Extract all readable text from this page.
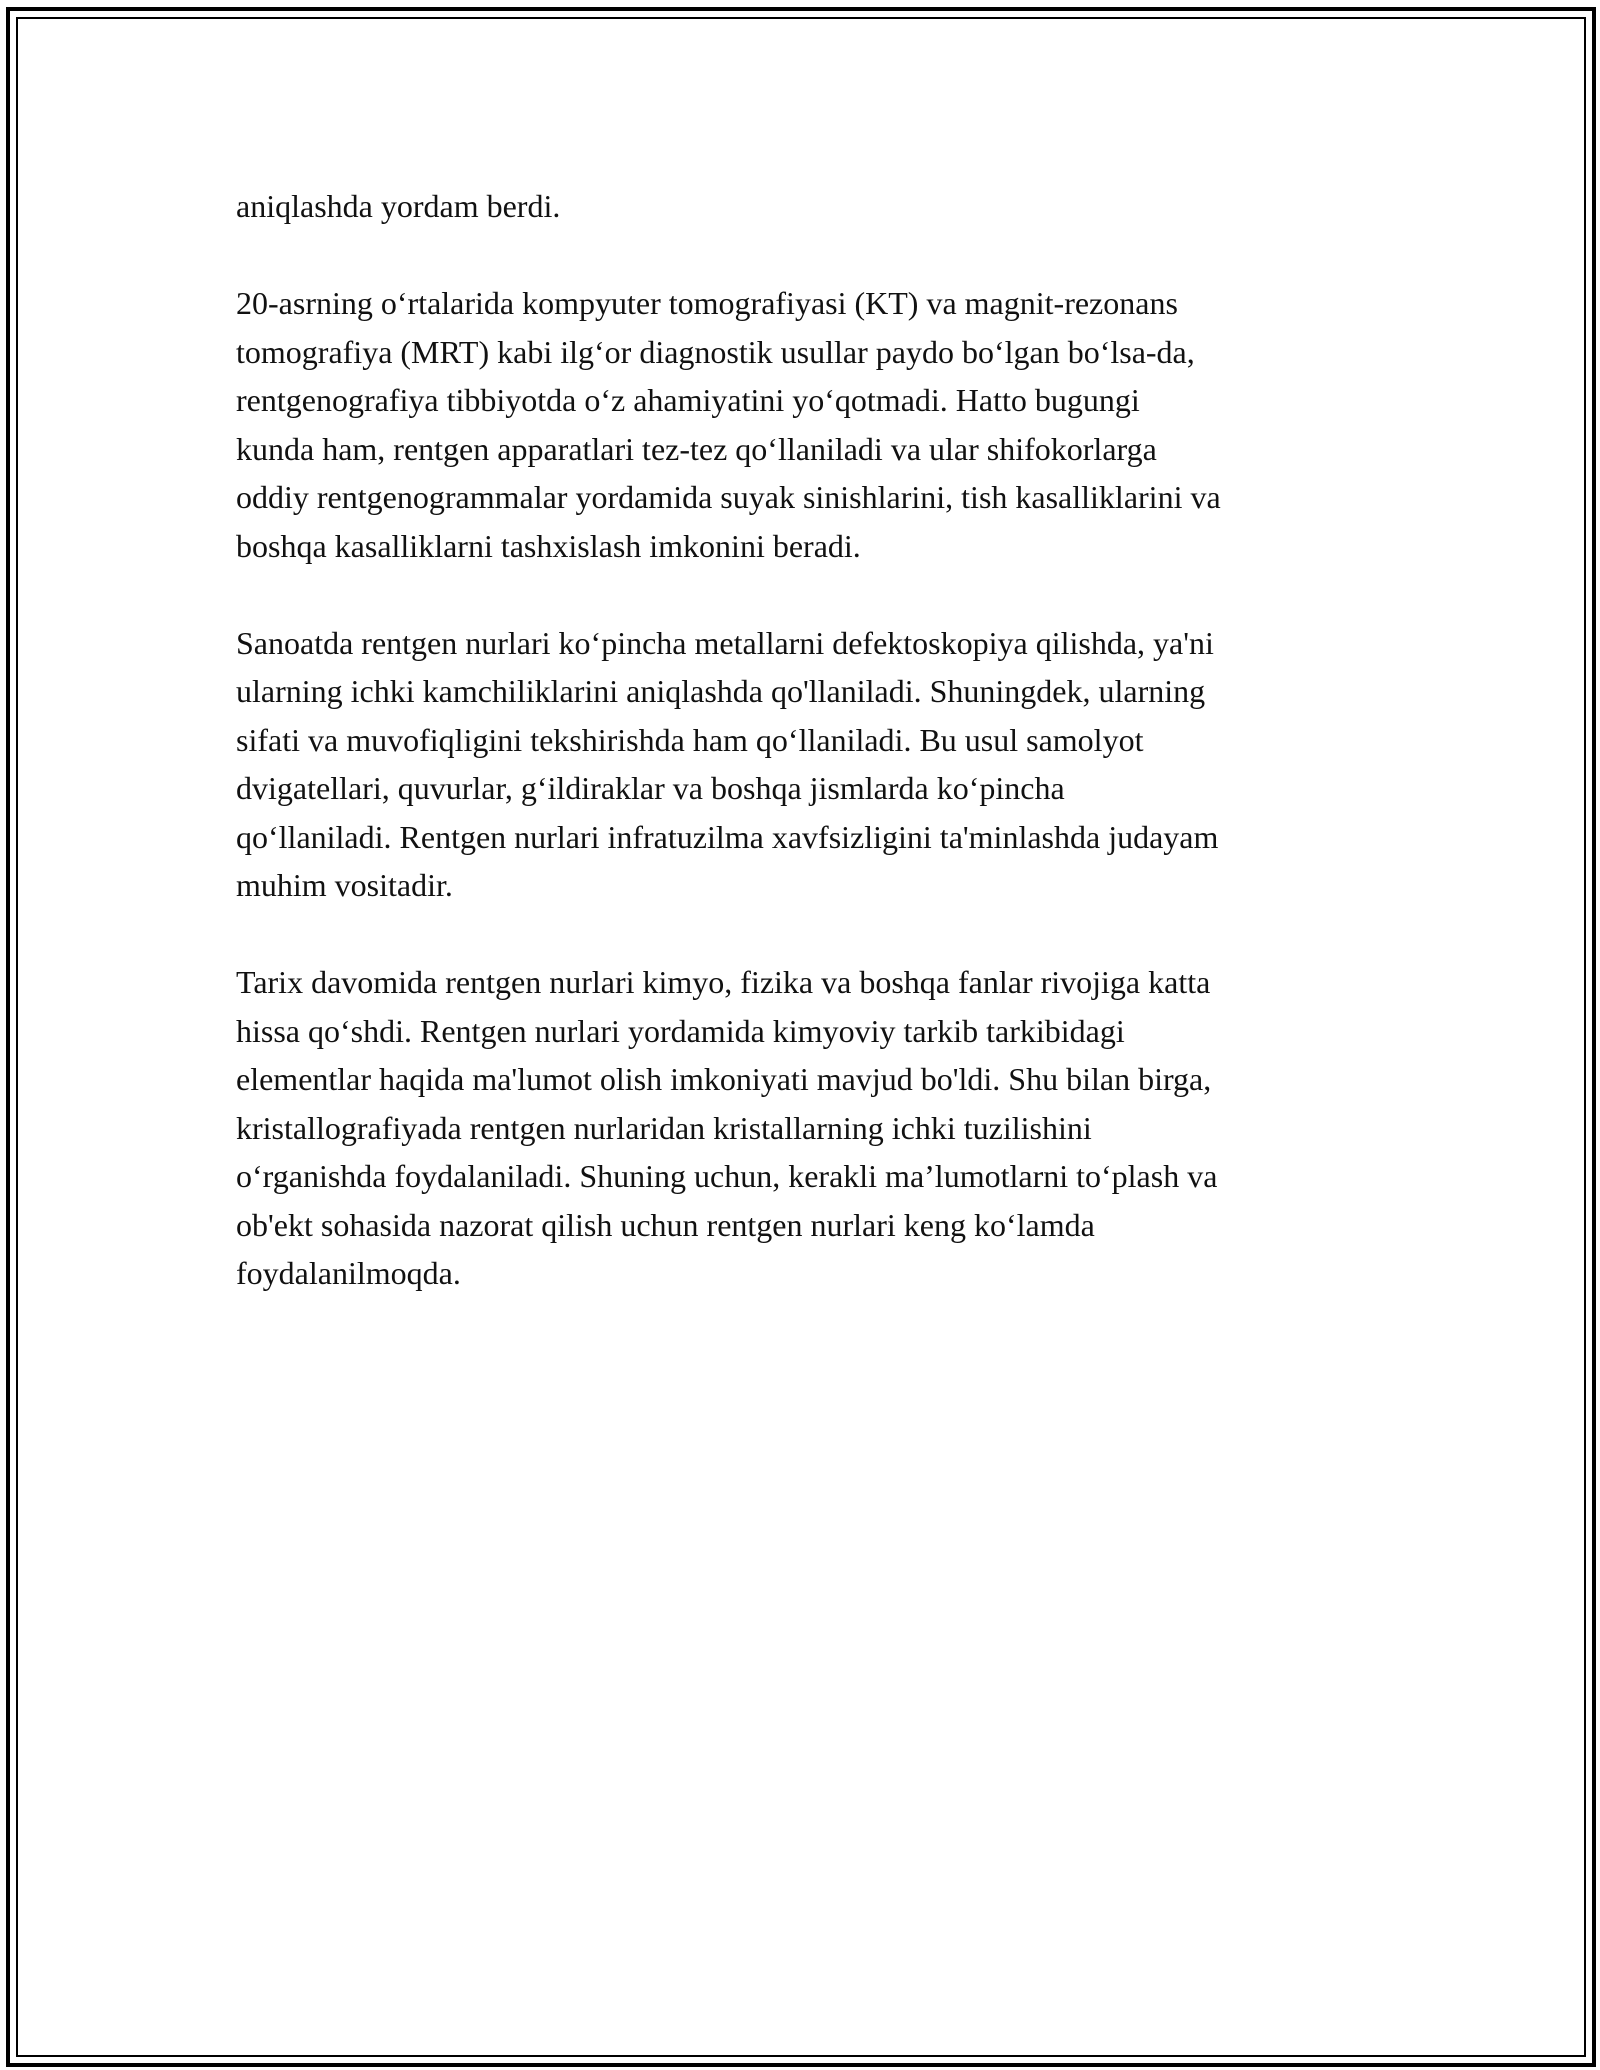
aniqlashda yordam berdi.

20-asrning o‘rtalarida kompyuter tomografiyasi (KT) va magnit-rezonans
tomografiya (MRT) kabi ilg‘or diagnostik usullar paydo bo‘lgan bo‘lsa-da,
rentgenografiya tibbiyotda o‘z ahamiyatini yo‘qotmadi. Hatto bugungi
kunda ham, rentgen apparatlari tez-tez qo‘llaniladi va ular shifokorlarga
oddiy rentgenogrammalar yordamida suyak sinishlarini, tish kasalliklarini va
boshqa kasalliklarni tashxislash imkonini beradi.

Sanoatda rentgen nurlari ko‘pincha metallarni defektoskopiya qilishda, ya'ni
ularning ichki kamchiliklarini aniqlashda qo'llaniladi. Shuningdek, ularning
sifati va muvofiqligini tekshirishda ham qo‘llaniladi. Bu usul samolyot
dvigatellari, quvurlar, g‘ildiraklar va boshqa jismlarda ko‘pincha
qo‘llaniladi. Rentgen nurlari infratuzilma xavfsizligini ta'minlashda judayam
muhim vositadir.

Tarix davomida rentgen nurlari kimyo, fizika va boshqa fanlar rivojiga katta
hissa qo‘shdi. Rentgen nurlari yordamida kimyoviy tarkib tarkibidagi
elementlar haqida ma'lumot olish imkoniyati mavjud bo'ldi. Shu bilan birga,
kristallografiyada rentgen nurlaridan kristallarning ichki tuzilishini
o‘rganishda foydalaniladi. Shuning uchun, kerakli ma’lumotlarni to‘plash va
ob'ekt sohasida nazorat qilish uchun rentgen nurlari keng ko‘lamda
foydalanilmoqda.
